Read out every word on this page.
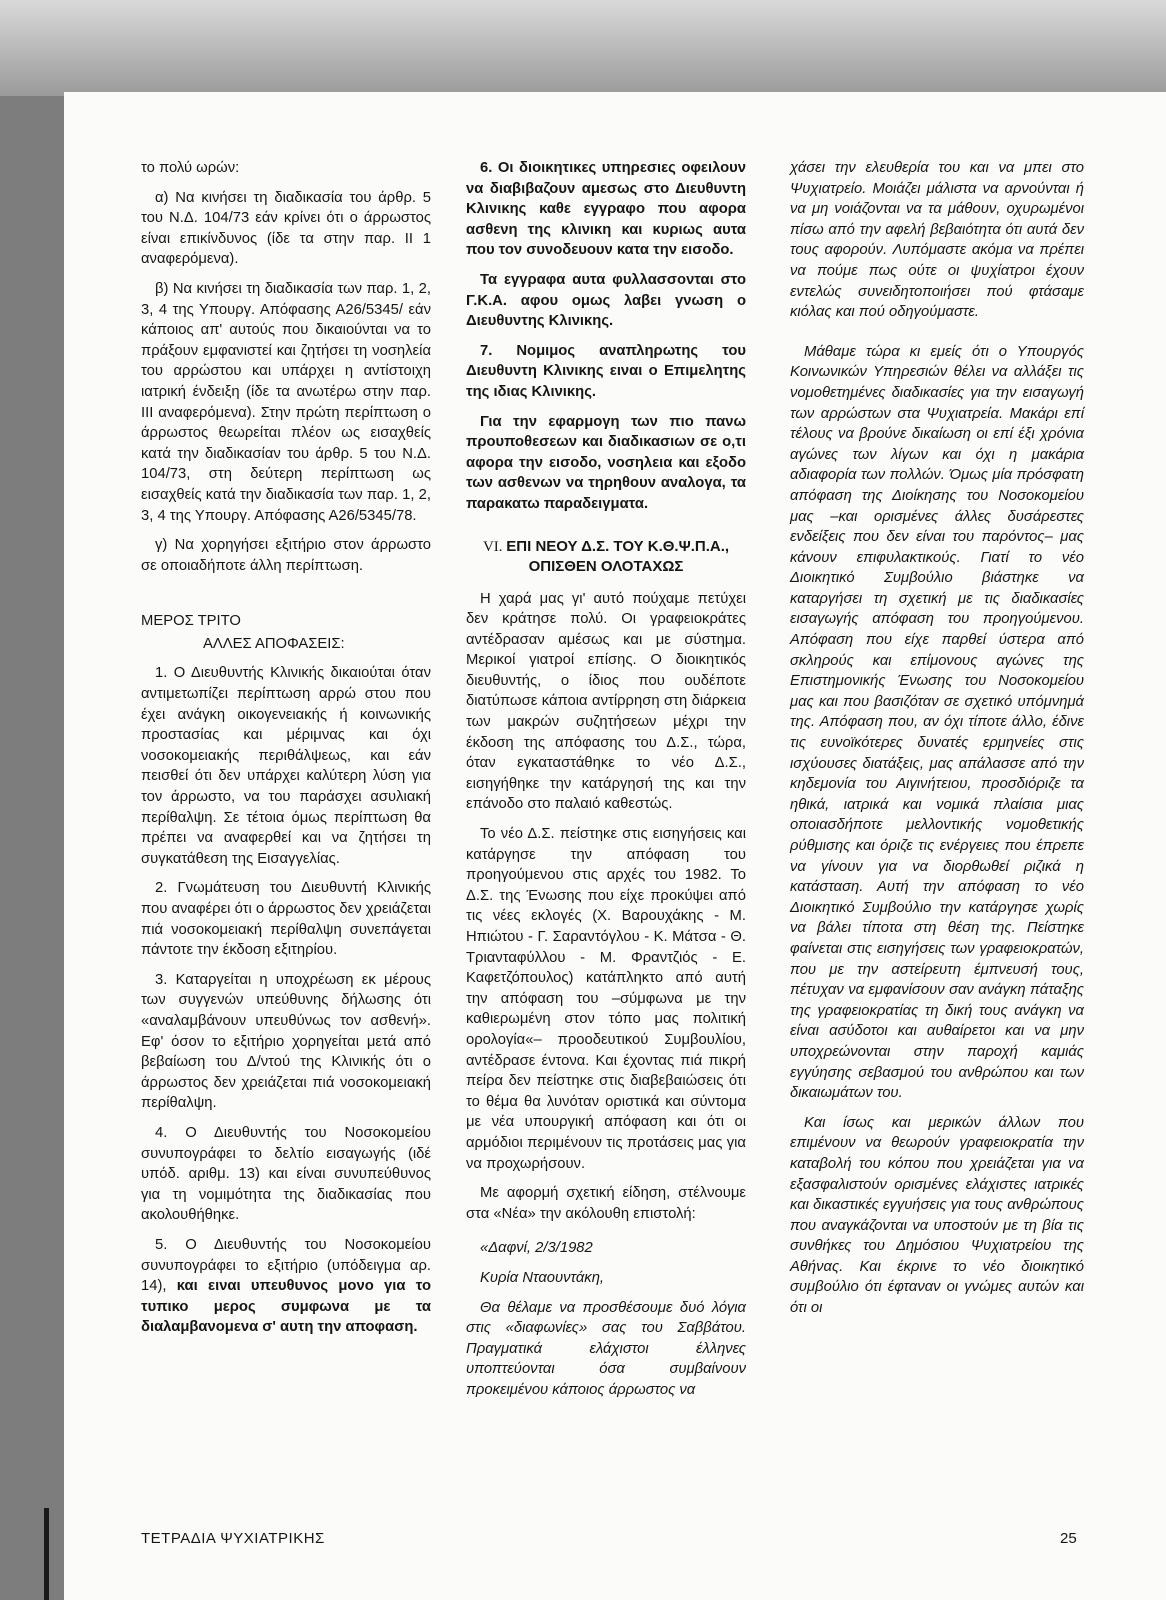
το πολύ ωρών:

α) Να κινήσει τη διαδικασία του άρθρ. 5 του Ν.Δ. 104/73 εάν κρίνει ότι ο άρρωστος είναι επικίνδυνος (ίδε τα στην παρ. ΙΙ 1 αναφερόμενα).

β) Να κινήσει τη διαδικασία των παρ. 1, 2, 3, 4 της Υπουργ. Απόφασης Α26/5345/ εάν κάποιος απ' αυτούς που δικαιούνται να το πράξουν εμφανιστεί και ζητήσει τη νοσηλεία του αρρώστου και υπάρχει η αντίστοιχη ιατρική ένδειξη (ίδε τα ανωτέρω στην παρ. ΙΙΙ αναφερόμενα). Στην πρώτη περίπτωση ο άρρωστος θεωρείται πλέον ως εισαχθείς κατά την διαδικασίαν του άρθρ. 5 του Ν.Δ. 104/73, στη δεύτερη περίπτωση ως εισαχθείς κατά την διαδικασία των παρ. 1, 2, 3, 4 της Υπουργ. Απόφασης Α26/5345/78.

γ) Να χορηγήσει εξιτήριο στον άρρωστο σε οποιαδήποτε άλλη περίπτωση.

ΜΕΡΟΣ ΤΡΙΤΟ

ΑΛΛΕΣ ΑΠΟΦΑΣΕΙΣ:

1. Ο Διευθυντής Κλινικής δικαιούται όταν αντιμετωπίζει περίπτωση αρρώ στου που έχει ανάγκη οικογενειακής ή κοινωνικής προστασίας και μέριμνας και όχι νοσοκομειακής περιθάλψεως, και εάν πεισθεί ότι δεν υπάρχει καλύτερη λύση για τον άρρωστο, να του παράσχει ασυλιακή περίθαλψη. Σε τέτοια όμως περίπτωση θα πρέπει να αναφερθεί και να ζητήσει τη συγκατάθεση της Εισαγγελίας.

2. Γνωμάτευση του Διευθυντή Κλινικής που αναφέρει ότι ο άρρωστος δεν χρειάζεται πιά νοσοκομειακή περίθαλψη συνεπάγεται πάντοτε την έκδοση εξιτηρίου.

3. Καταργείται η υποχρέωση εκ μέρους των συγγενών υπεύθυνης δήλωσης ότι «αναλαμβάνουν υπευθύνως τον ασθενή». Εφ' όσον το εξιτήριο χορηγείται μετά από βεβαίωση του Δ/ντού της Κλινικής ότι ο άρρωστος δεν χρειάζεται πιά νοσοκομειακή περίθαλψη.

4. Ο Διευθυντής του Νοσοκομείου συνυπογράφει το δελτίο εισαγωγής (ιδέ υπόδ. αριθμ. 13) και είναι συνυπεύθυνος για τη νομιμότητα της διαδικασίας που ακολουθήθηκε.

5. Ο Διευθυντής του Νοσοκομείου συνυπογράφει το εξιτήριο (υπόδειγμα αρ. 14), και ειναι υπευθυνος μονο για το τυπικο μερος συμφωνα με τα διαλαμβανομενα σ' αυτη την αποφαση.

6. Οι διοικητικες υπηρεσιες οφειλουν να διαβιβαζουν αμεσως στο Διευθυντη Κλινικης καθε εγγραφο που αφορα ασθενη της κλινικη και κυριως αυτα που τον συνοδευουν κατα την εισοδο.

Τα εγγραφα αυτα φυλλασσονται στο Γ.Κ.Α. αφου ομως λαβει γνωση ο Διευθυντης Κλινικης.

7. Νομιμος αναπληρωτης του Διευθυντη Κλινικης ειναι ο Επιμελητης της ιδιας Κλινικης.

Για την εφαρμογη των πιο πανω προυποθεσεων και διαδικασιων σε ο,τι αφορα την εισοδο, νοσηλεια και εξοδο των ασθενων να τηρηθουν αναλογα, τα παρακατω παραδειγματα.

VI. ΕΠΙ ΝΕΟΥ Δ.Σ. ΤΟΥ Κ.Θ.Ψ.Π.Α.,
ΟΠΙΣΘΕΝ ΟΛΟΤΑΧΩΣ

Η χαρά μας γι' αυτό πούχαμε πετύχει δεν κράτησε πολύ. Οι γραφειοκράτες αντέδρασαν αμέσως και με σύστημα. Μερικοί γιατροί επίσης. Ο διοικητικός διευθυντής, ο ίδιος που ουδέποτε διατύπωσε κάποια αντίρρηση στη διάρκεια των μακρών συζητήσεων μέχρι την έκδοση της απόφασης του Δ.Σ., τώρα, όταν εγκαταστάθηκε το νέο Δ.Σ., εισηγήθηκε την κατάργησή της και την επάνοδο στο παλαιό καθεστώς.

Το νέο Δ.Σ. πείστηκε στις εισηγήσεις και κατάργησε την απόφαση του προηγούμενου στις αρχές του 1982. Το Δ.Σ. της Ένωσης που είχε προκύψει από τις νέες εκλογές (Χ. Βαρουχάκης - Μ. Ηπιώτου - Γ. Σαραντόγλου - Κ. Μάτσα - Θ. Τριανταφύλλου - Μ. Φραντζιός - Ε. Καφετζόπουλος) κατάπληκτο από αυτή την απόφαση του –σύμφωνα με την καθιερωμένη στον τόπο μας πολιτική ορολογία«– προοδευτικού Συμβουλίου, αντέδρασε έντονα. Και έχοντας πιά πικρή πείρα δεν πείστηκε στις διαβεβαιώσεις ότι το θέμα θα λυνόταν οριστικά και σύντομα με νέα υπουργική απόφαση και ότι οι αρμόδιοι περιμένουν τις προτάσεις μας για να προχωρήσουν.

Με αφορμή σχετική είδηση, στέλνουμε στα «Νέα» την ακόλουθη επιστολή:

«Δαφνί, 2/3/1982

Κυρία Νταουντάκη,

Θα θέλαμε να προσθέσουμε δυό λόγια στις «διαφωνίες» σας του Σαββάτου. Πραγματικά ελάχιστοι έλληνες υποπτεύονται όσα συμβαίνουν προκειμένου κάποιος άρρωστος να

χάσει την ελευθερία του και να μπει στο Ψυχιατρείο. Μοιάζει μάλιστα να αρνούνται ή να μη νοιάζονται να τα μάθουν, οχυρωμένοι πίσω από την αφελή βεβαιότητα ότι αυτά δεν τους αφορούν. Λυπόμαστε ακόμα να πρέπει να πούμε πως ούτε οι ψυχίατροι έχουν εντελώς συνειδητοποιήσει πού φτάσαμε κιόλας και πού οδηγούμαστε.

Μάθαμε τώρα κι εμείς ότι ο Υπουργός Κοινωνικών Υπηρεσιών θέλει να αλλάξει τις νομοθετημένες διαδικασίες για την εισαγωγή των αρρώστων στα Ψυχιατρεία. Μακάρι επί τέλους να βρούνε δικαίωση οι επί έξι χρόνια αγώνες των λίγων και όχι η μακάρια αδιαφορία των πολλών. Όμως μία πρόσφατη απόφαση της Διοίκησης του Νοσοκομείου μας –και ορισμένες άλλες δυσάρεστες ενδείξεις που δεν είναι του παρόντος– μας κάνουν επιφυλακτικούς. Γιατί το νέο Διοικητικό Συμβούλιο βιάστηκε να καταργήσει τη σχετική με τις διαδικασίες εισαγωγής απόφαση του προηγούμενου. Απόφαση που είχε παρθεί ύστερα από σκληρούς και επίμονους αγώνες της Επιστημονικής Ένωσης του Νοσοκομείου μας και που βασιζόταν σε σχετικό υπόμνημά της. Απόφαση που, αν όχι τίποτε άλλο, έδινε τις ευνοϊκότερες δυνατές ερμηνείες στις ισχύουσες διατάξεις, μας απάλασσε από την κηδεμονία του Αιγινήτειου, προσδιόριζε τα ηθικά, ιατρικά και νομικά πλαίσια μιας οποιασδήποτε μελλοντικής νομοθετικής ρύθμισης και όριζε τις ενέργειες που έπρεπε να γίνουν για να διορθωθεί ριζικά η κατάσταση. Αυτή την απόφαση το νέο Διοικητικό Συμβούλιο την κατάργησε χωρίς να βάλει τίποτα στη θέση της. Πείστηκε φαίνεται στις εισηγήσεις των γραφειοκρατών, που με την αστείρευτη έμπνευσή τους, πέτυχαν να εμφανίσουν σαν ανάγκη πάταξης της γραφειοκρατίας τη δική τους ανάγκη να είναι ασύδοτοι και αυθαίρετοι και να μην υποχρεώνονται στην παροχή καμιάς εγγύησης σεβασμού του ανθρώπου και των δικαιωμάτων του.

Και ίσως και μερικών άλλων που επιμένουν να θεωρούν γραφειοκρατία την καταβολή του κόπου που χρειάζεται για να εξασφαλιστούν ορισμένες ελάχιστες ιατρικές και δικαστικές εγγυήσεις για τους ανθρώπους που αναγκάζονται να υποστούν με τη βία τις συνθήκες του Δημόσιου Ψυχιατρείου της Αθήνας. Και έκρινε το νέο διοικητικό συμβούλιο ότι έφταναν οι γνώμες αυτών και ότι οι

ΤΕΤΡΑΔΙΑ ΨΥΧΙΑΤΡΙΚΗΣ	25
